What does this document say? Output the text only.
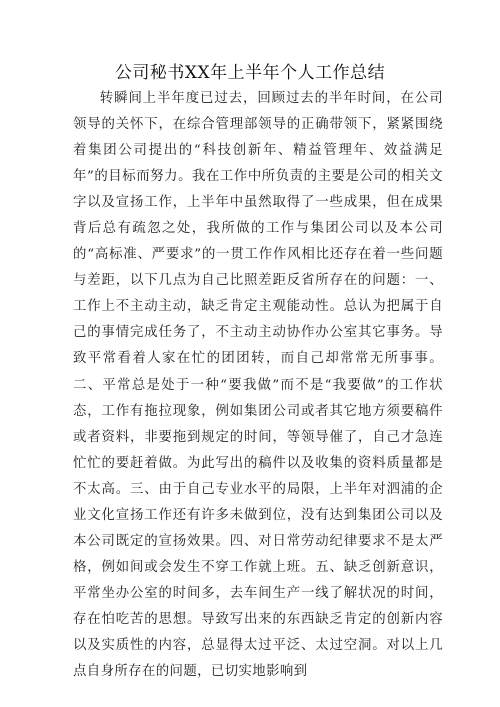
公司秘书XX年上半年个人工作总结

转瞬间上半年度已过去，回顾过去的半年时间，在公司领导的关怀下，在综合管理部领导的正确带领下，紧紧围绕着集团公司提出的“科技创新年、精益管理年、效益满足年”的目标而努力。我在工作中所负责的主要是公司的相关文字以及宣扬工作，上半年中虽然取得了一些成果，但在成果背后总有疏忽之处，我所做的工作与集团公司以及本公司的“高标准、严要求”的一贯工作作风相比还存在着一些问题与差距，以下几点为自己比照差距反省所存在的问题：一、工作上不主动主动，缺乏肯定主观能动性。总认为把属于自己的事情完成任务了，不主动主动协作办公室其它事务。导致平常看着人家在忙的团团转，而自己却常常无所事事。二、平常总是处于一种“要我做”而不是“我要做”的工作状态，工作有拖拉现象，例如集团公司或者其它地方须要稿件或者资料，非要拖到规定的时间，等领导催了，自己才急连忙忙的要赶着做。为此写出的稿件以及收集的资料质量都是不太高。三、由于自己专业水平的局限，上半年对泗浦的企业文化宣扬工作还有许多未做到位，没有达到集团公司以及本公司既定的宣扬效果。四、对日常劳动纪律要求不是太严格，例如间或会发生不穿工作就上班。五、缺乏创新意识，平常坐办公室的时间多，去车间生产一线了解状况的时间，存在怕吃苦的思想。导致写出来的东西缺乏肯定的创新内容以及实质性的内容，总显得太过平泛、太过空洞。对以上几点自身所存在的问题，已切实地影响到
